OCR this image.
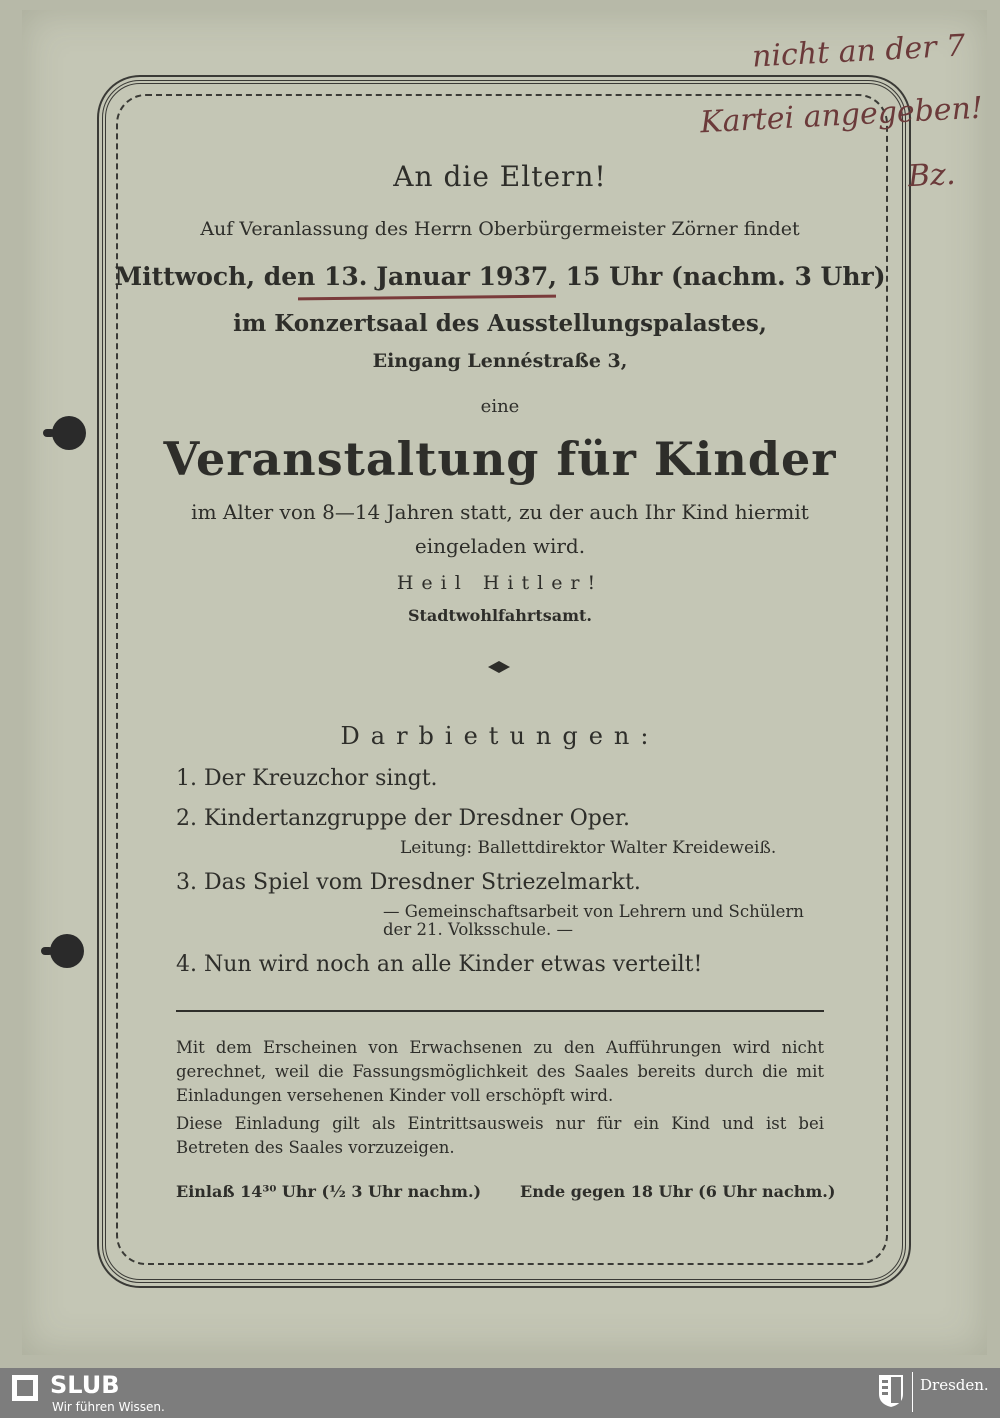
nicht an der 7
Kartei angegeben!
Bz.
An die Eltern!
Auf Veranlassung des Herrn Oberbürgermeister Zörner findet
Mittwoch, den 13. Januar 1937, 15 Uhr (nachm. 3 Uhr)
im Konzertsaal des Ausstellungspalastes,
Eingang Lennéstraße 3,
eine
Veranstaltung für Kinder
im Alter von 8—14 Jahren statt, zu der auch Ihr Kind hiermit
eingeladen wird.
Heil Hitler!
Stadtwohlfahrtsamt.
Darbietungen:
1. Der Kreuzchor singt.
2. Kindertanzgruppe der Dresdner Oper.
Leitung: Ballettdirektor Walter Kreideweiß.
3. Das Spiel vom Dresdner Striezelmarkt.
— Gemeinschaftsarbeit von Lehrern und Schülern
der 21. Volksschule. —
4. Nun wird noch an alle Kinder etwas verteilt!
Mit dem Erscheinen von Erwachsenen zu den Aufführungen wird nicht gerechnet, weil die Fassungsmöglichkeit des Saales bereits durch die mit Einladungen versehenen Kinder voll erschöpft wird.
Diese Einladung gilt als Eintrittsausweis nur für ein Kind und ist bei Betreten des Saales vorzuzeigen.
Einlaß 14³⁰ Uhr (½ 3 Uhr nachm.) Ende gegen 18 Uhr (6 Uhr nachm.)
SLUB
Wir führen Wissen.
Dresden.
